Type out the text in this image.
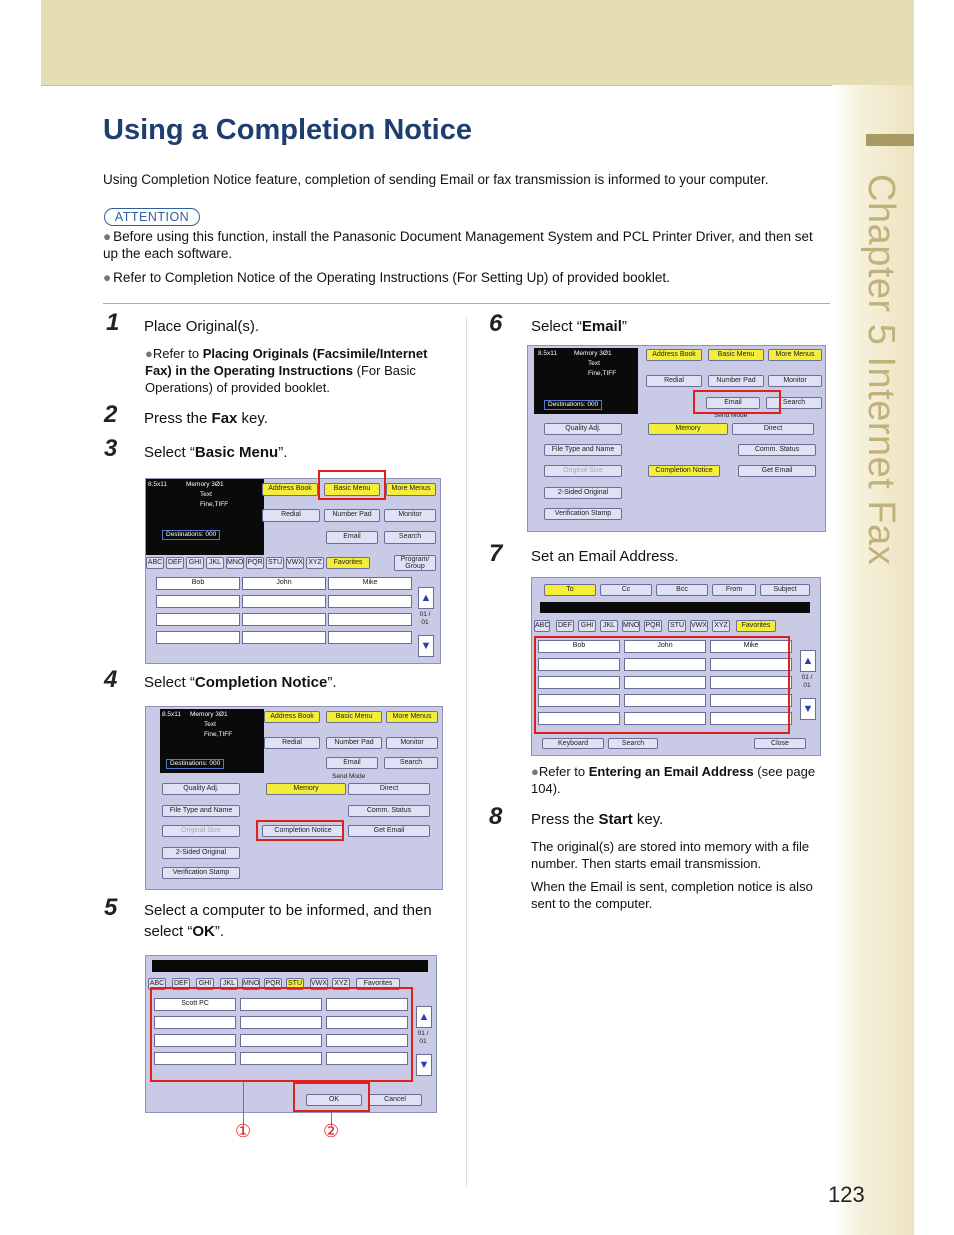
Chapter 5 Internet Fax
Using a Completion Notice
Using Completion Notice feature, completion of sending Email or fax transmission is informed to your computer.
ATTENTION
● Before using this function, install the Panasonic Document Management System and PCL Printer Driver, and then set up the each software.
● Refer to Completion Notice of the Operating Instructions (For Setting Up) of provided booklet.
1 Place Original(s).
●Refer to Placing Originals (Facsimile/Internet Fax) in the Operating Instructions (For Basic Operations) of provided booklet.
2 Press the Fax key.
3 Select “Basic Menu”.
8.5x11	Memory 3Ø1
Text
Fine,TIFF
Destinations: 000
Address Book	Basic Menu	More Menus
Redial	Number Pad	Monitor
Email	Search
ABC DEF GHI	JKL MNO PQR STU VWX XYZ	Favorites	Program/ Group
Bob	John	Mike
▲
01 / 01
▼
4 Select “Completion Notice”.
8.5x11 Memory 3Ø1
Text
Fine,TIFF
Destinations: 000
Address Book	Basic Menu	More Menus
Redial	Number Pad	Monitor
Email	Search
Send Mode
Quality Adj.
File Type and Name
Original Size
2-Sided Original
Verification Stamp
Memory	Direct
Comm. Status
Completion Notice	Get Email
5 Select a computer to be informed, and then select “OK”.
ABC DEF	GHI	JKL	MNO PQR STU VWX	XYZ	Favorites
Scott PC
▲
01 / 01
▼
OK	Cancel
①	②
6 Select “Email”
8.5x11	Memory 3Ø1
Text
Fine,TIFF
Destinations: 000
Address Book	Basic Menu	More Menus
Redial	Number Pad	Monitor
Email	Search
Send Mode
Quality Adj.
File Type and Name
Original Size
2-Sided Original
Verification Stamp
Memory	Direct
Comm. Status
Completion Notice	Get Email
7 Set an Email Address.
To	Cc	Bcc	From	Subject
ABC DEF	GHI	JKL	MNO PQR STU VWX	XYZ	Favorites
Bob	John	Mike
▲
01 / 01
▼
Keyboard	Search	Close
●Refer to Entering an Email Address (see page 104).
8 Press the Start key.
The original(s) are stored into memory with a file number. Then starts email transmission.
When the Email is sent, completion notice is also sent to the computer.
123
